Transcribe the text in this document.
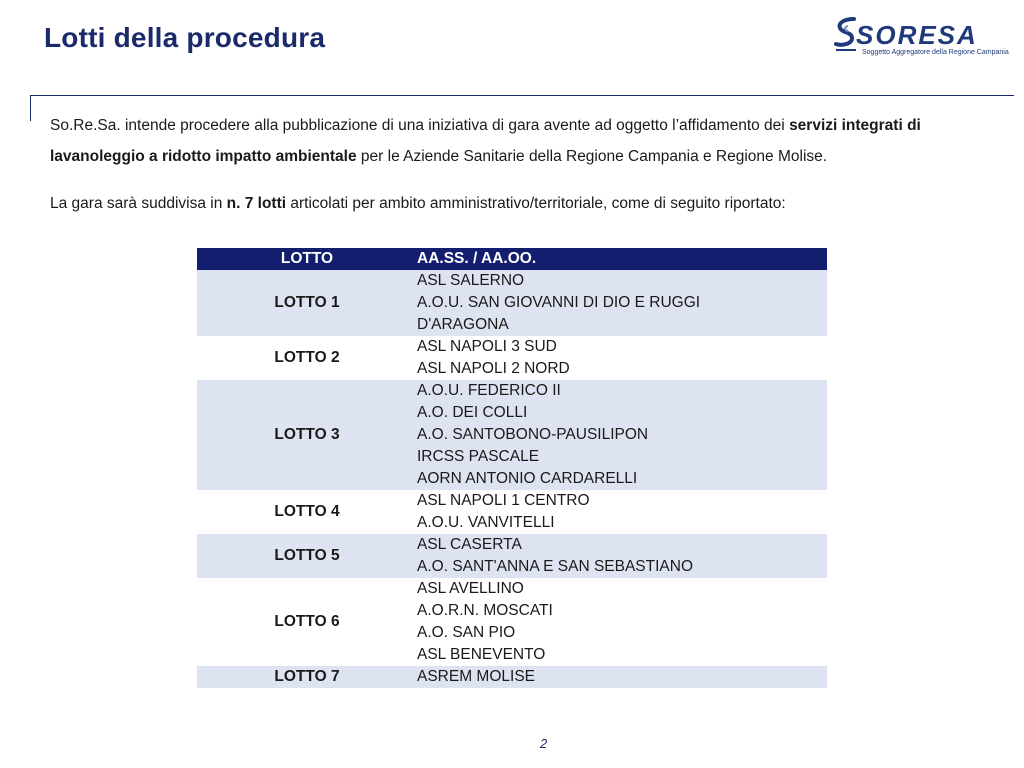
Lotti della procedura	SORESA
Soggetto Aggregatore della Regione Campania
So.Re.Sa. intende procedere alla pubblicazione di una iniziativa di gara avente ad oggetto l’affidamento dei servizi integrati di lavanoleggio a ridotto impatto ambientale per le Aziende Sanitarie della Regione Campania e Regione Molise.
La gara sarà suddivisa in n. 7 lotti articolati per ambito amministrativo/territoriale, come di seguito riportato:
LOTTO	AA.SS. / AA.OO.
LOTTO 1	ASL SALERNO
A.O.U. SAN GIOVANNI DI DIO E RUGGI
D'ARAGONA

LOTTO 2	ASL NAPOLI 3 SUD
ASL NAPOLI 2 NORD

LOTTO 3	A.O.U. FEDERICO II
A.O. DEI COLLI
A.O. SANTOBONO-PAUSILIPON
IRCSS PASCALE
AORN ANTONIO CARDARELLI

LOTTO 4	ASL NAPOLI 1 CENTRO
A.O.U. VANVITELLI

LOTTO 5	ASL CASERTA
A.O. SANT'ANNA E SAN SEBASTIANO

LOTTO 6	ASL AVELLINO
A.O.R.N. MOSCATI
A.O. SAN PIO
ASL BENEVENTO

LOTTO 7	ASREM MOLISE
2
